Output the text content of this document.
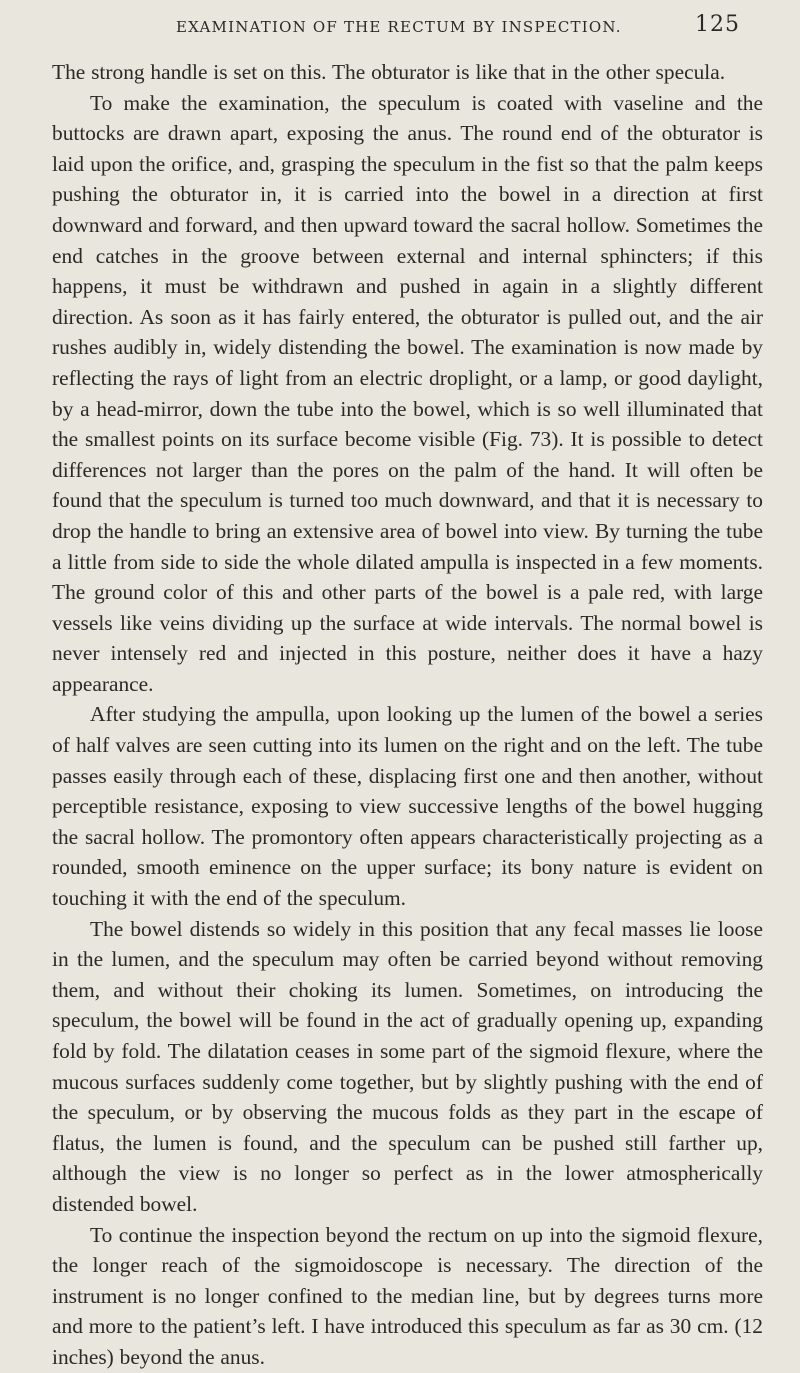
EXAMINATION OF THE RECTUM BY INSPECTION.	125

The strong handle is set on this. The obturator is like that in the other specula.

To make the examination, the speculum is coated with vaseline and the buttocks are drawn apart, exposing the anus. The round end of the obturator is laid upon the orifice, and, grasping the speculum in the fist so that the palm keeps pushing the obturator in, it is carried into the bowel in a direction at first downward and forward, and then upward toward the sacral hollow. Sometimes the end catches in the groove between external and internal sphincters; if this happens, it must be withdrawn and pushed in again in a slightly different direction. As soon as it has fairly entered, the obturator is pulled out, and the air rushes audibly in, widely distending the bowel. The examination is now made by reflecting the rays of light from an electric droplight, or a lamp, or good daylight, by a head-mirror, down the tube into the bowel, which is so well illuminated that the smallest points on its surface become visible (Fig. 73). It is possible to detect differences not larger than the pores on the palm of the hand. It will often be found that the speculum is turned too much downward, and that it is necessary to drop the handle to bring an extensive area of bowel into view. By turning the tube a little from side to side the whole dilated ampulla is inspected in a few moments. The ground color of this and other parts of the bowel is a pale red, with large vessels like veins dividing up the surface at wide intervals. The normal bowel is never intensely red and injected in this posture, neither does it have a hazy appearance.

After studying the ampulla, upon looking up the lumen of the bowel a series of half valves are seen cutting into its lumen on the right and on the left. The tube passes easily through each of these, displacing first one and then another, without perceptible resistance, exposing to view successive lengths of the bowel hugging the sacral hollow. The promontory often appears characteristically projecting as a rounded, smooth eminence on the upper surface; its bony nature is evident on touching it with the end of the speculum.

The bowel distends so widely in this position that any fecal masses lie loose in the lumen, and the speculum may often be carried beyond without removing them, and without their choking its lumen. Sometimes, on introducing the speculum, the bowel will be found in the act of gradually opening up, expanding fold by fold. The dilatation ceases in some part of the sigmoid flexure, where the mucous surfaces suddenly come together, but by slightly pushing with the end of the speculum, or by observing the mucous folds as they part in the escape of flatus, the lumen is found, and the speculum can be pushed still farther up, although the view is no longer so perfect as in the lower atmospherically distended bowel.

To continue the inspection beyond the rectum on up into the sigmoid flexure, the longer reach of the sigmoidoscope is necessary. The direction of the instrument is no longer confined to the median line, but by degrees turns more and more to the patient’s left. I have introduced this speculum as far as 30 cm. (12 inches) beyond the anus.
